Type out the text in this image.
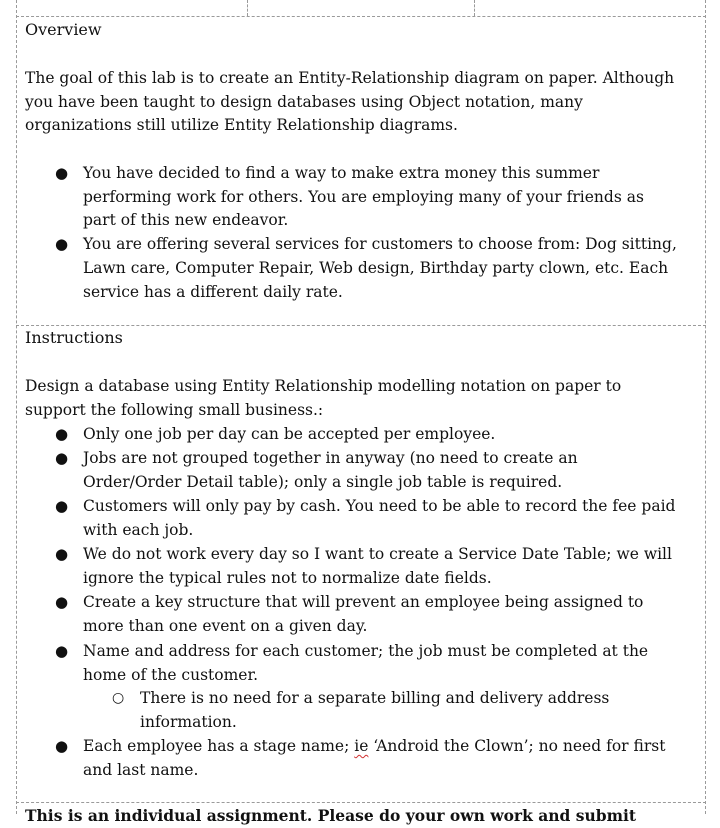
Overview
The goal of this lab is to create an Entity-Relationship diagram on paper. Although
you have been taught to design databases using Object notation, many
organizations still utilize Entity Relationship diagrams.
● You have decided to find a way to make extra money this summer
performing work for others. You are employing many of your friends as
part of this new endeavor.
● You are offering several services for customers to choose from: Dog sitting,
Lawn care, Computer Repair, Web design, Birthday party clown, etc. Each
service has a different daily rate.
Instructions
Design a database using Entity Relationship modelling notation on paper to
support the following small business.:
● Only one job per day can be accepted per employee.
● Jobs are not grouped together in anyway (no need to create an
Order/Order Detail table); only a single job table is required.
● Customers will only pay by cash. You need to be able to record the fee paid
with each job.
● We do not work every day so I want to create a Service Date Table; we will
ignore the typical rules not to normalize date fields.
● Create a key structure that will prevent an employee being assigned to
more than one event on a given day.
● Name and address for each customer; the job must be completed at the
home of the customer.
○ There is no need for a separate billing and delivery address
information.
● Each employee has a stage name; ie ‘Android the Clown’; no need for first
and last name.
This is an individual assignment. Please do your own work and submit
